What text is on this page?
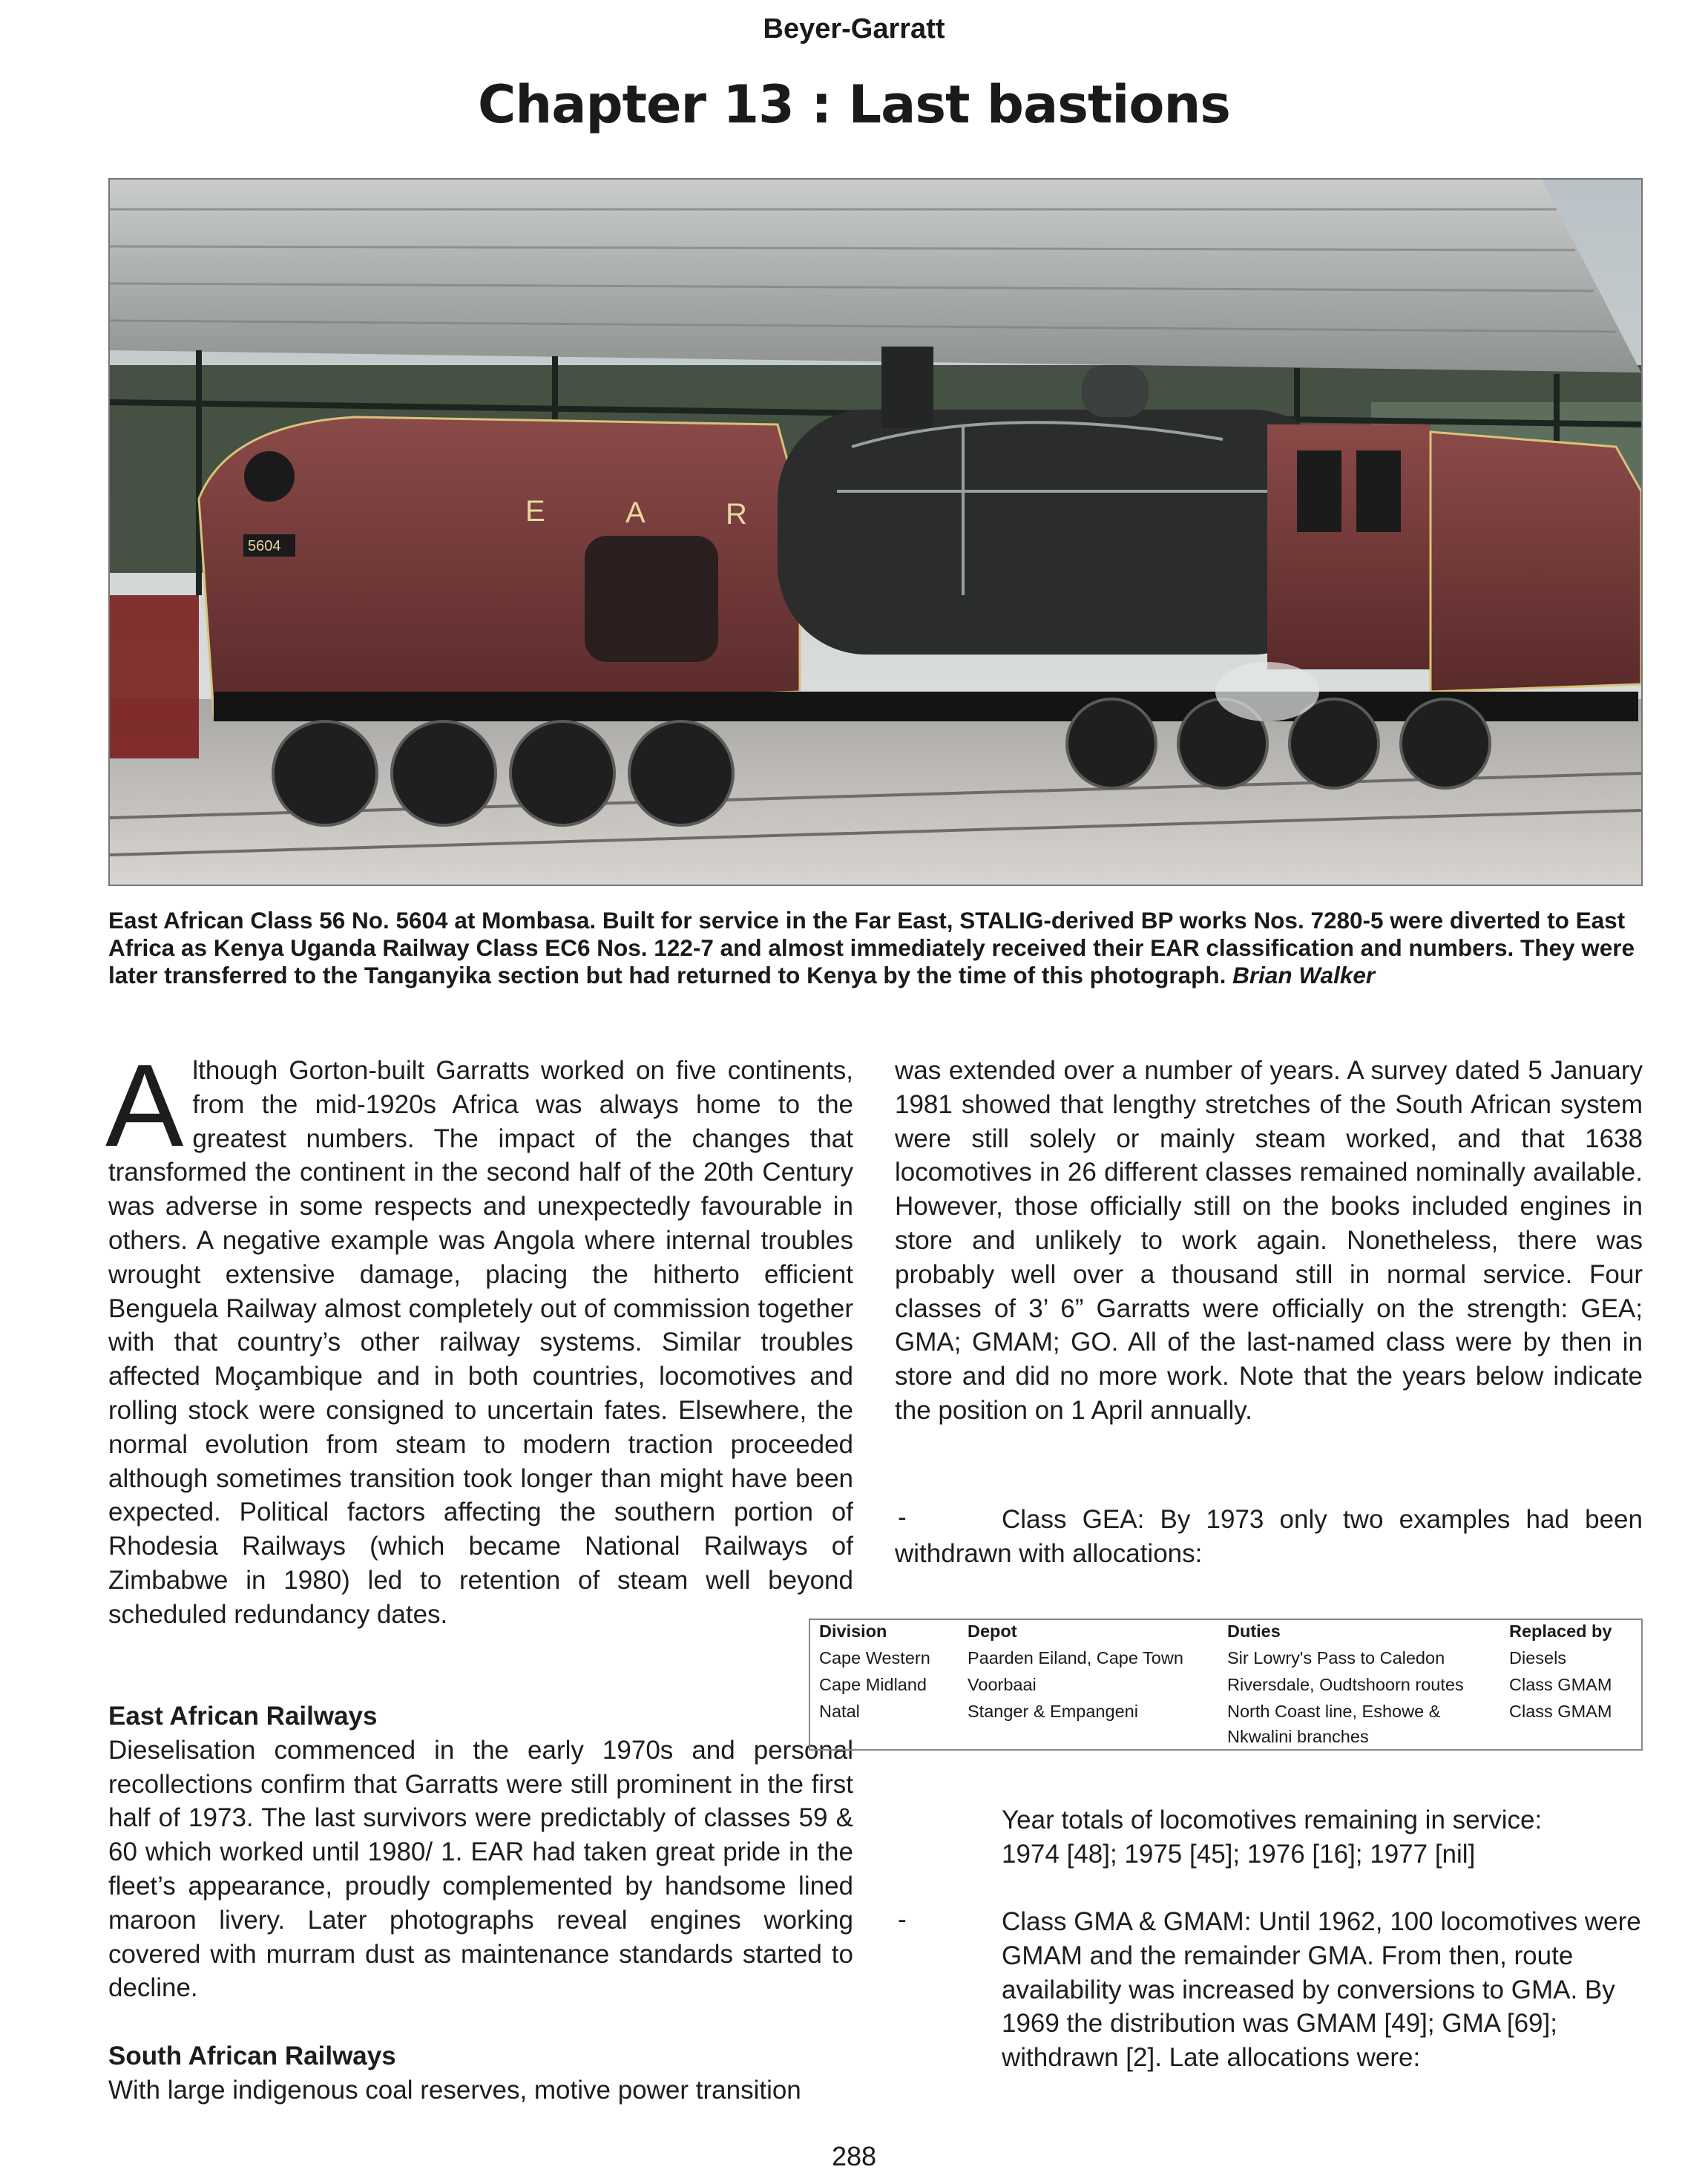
Beyer-Garratt
Chapter 13 : Last bastions
E	A	R
5604
East African Class 56 No. 5604 at Mombasa. Built for service in the Far East, STALIG-derived BP works Nos. 7280-5 were diverted to East Africa as Kenya Uganda Railway Class EC6 Nos. 122-7 and almost immediately received their EAR classification and numbers. They were later transferred to the Tanganyika section but had returned to Kenya by the time of this photograph. Brian Walker
Although Gorton-built Garratts worked on five continents, from the mid-1920s Africa was always home to the greatest numbers. The impact of the changes that transformed the continent in the second half of the 20th Century was adverse in some respects and unexpectedly favourable in others. A negative example was Angola where internal troubles wrought extensive damage, placing the hitherto efficient Benguela Railway almost completely out of commission together with that country’s other railway systems. Similar troubles affected Moçambique and in both countries, locomotives and rolling stock were consigned to uncertain fates. Elsewhere, the normal evolution from steam to modern traction proceeded although sometimes transition took longer than might have been expected. Political factors affecting the southern portion of Rhodesia Railways (which became National Railways of Zimbabwe in 1980) led to retention of steam well beyond scheduled redundancy dates.
East African Railways
Dieselisation commenced in the early 1970s and personal recollections confirm that Garratts were still prominent in the first half of 1973. The last survivors were predictably of classes 59 & 60 which worked until 1980/ 1. EAR had taken great pride in the fleet’s appearance, proudly complemented by handsome lined maroon livery. Later photographs reveal engines working covered with murram dust as maintenance standards started to decline.
South African Railways
With large indigenous coal reserves, motive power transition
was extended over a number of years. A survey dated 5 January 1981 showed that lengthy stretches of the South African system were still solely or mainly steam worked, and that 1638 locomotives in 26 different classes remained nominally available. However, those officially still on the books included engines in store and unlikely to work again. Nonetheless, there was probably well over a thousand still in normal service. Four classes of 3’ 6” Garratts were officially on the strength: GEA; GMA; GMAM; GO. All of the last-named class were by then in store and did no more work. Note that the years below indicate the position on 1 April annually.
-	Class GEA: By 1973 only two examples had been withdrawn with allocations:
Division	Depot	Duties	Replaced by
Cape Western	Paarden Eiland, Cape Town	Sir Lowry's Pass to Caledon	Diesels
Cape Midland	Voorbaai	Riversdale, Oudtshoorn routes	Class GMAM
Natal	Stanger & Empangeni	North Coast line, Eshowe & Nkwalini branches	Class GMAM
Year totals of locomotives remaining in service:
1974 [48]; 1975 [45]; 1976 [16]; 1977 [nil]
-	Class GMA & GMAM: Until 1962, 100 locomotives were GMAM and the remainder GMA. From then, route availability was increased by conversions to GMA. By 1969 the distribution was GMAM [49]; GMA [69]; withdrawn [2]. Late allocations were:
288
